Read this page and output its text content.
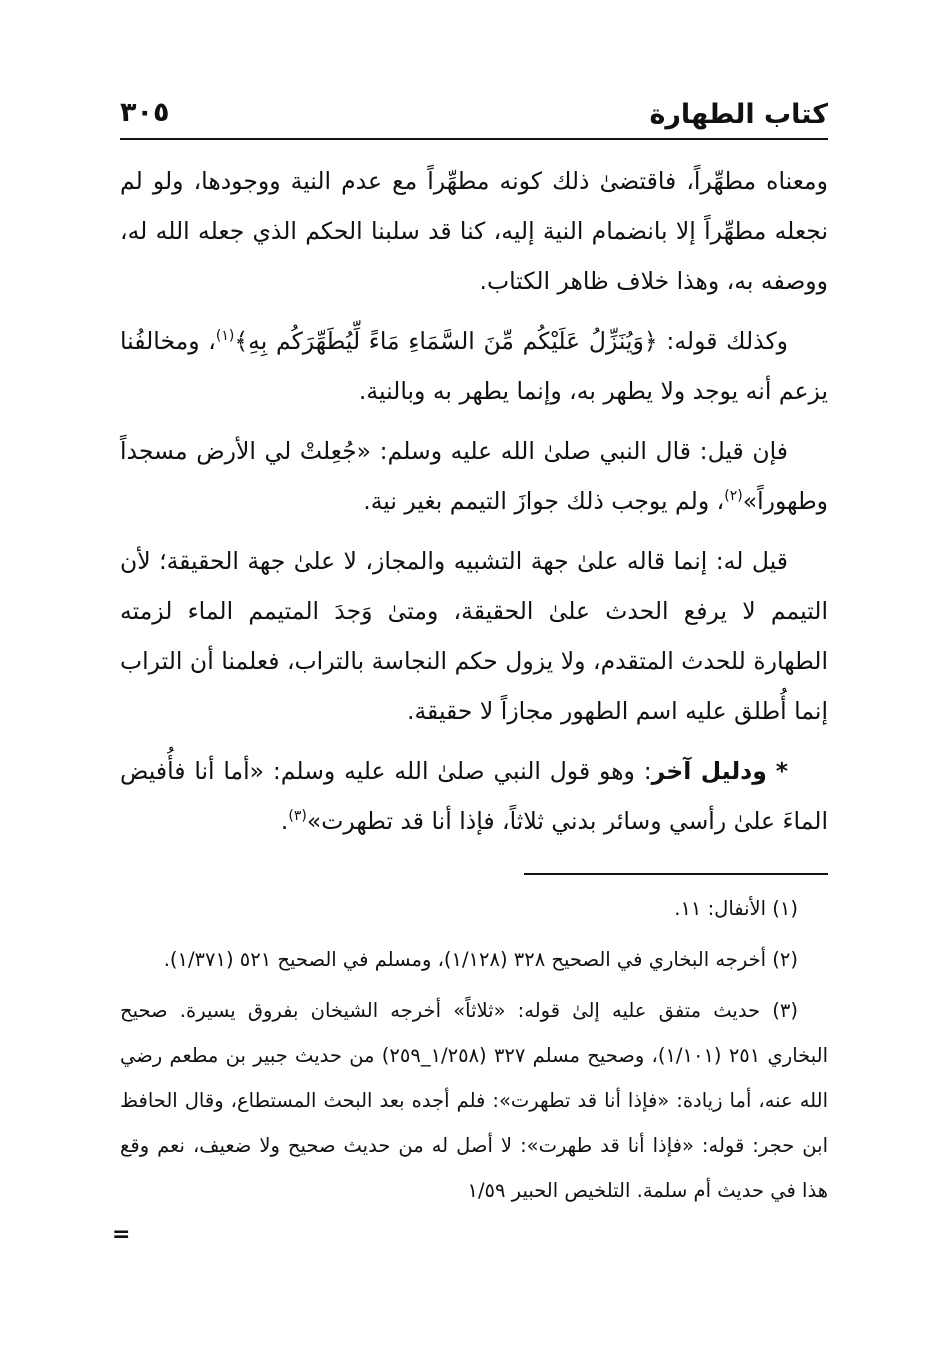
كتاب الطهارة
٣٠٥

ومعناه مطهِّراً، فاقتضىٰ ذلك كونه مطهِّراً مع عدم النية ووجودها، ولو لم نجعله مطهِّراً إلا بانضمام النية إليه، كنا قد سلبنا الحكم الذي جعله الله له، ووصفه به، وهذا خلاف ظاهر الكتاب.

وكذلك قوله: ﴿وَيُنَزِّلُ عَلَيْكُم مِّنَ السَّمَاءِ مَاءً لِّيُطَهِّرَكُم بِهِ﴾$^{(١)}$، ومخالفُنا يزعم أنه يوجد ولا يطهر به، وإنما يطهر به وبالنية.

فإن قيل: قال النبي صلىٰ الله عليه وسلم: «جُعِلتْ لي الأرض مسجداً وطهوراً»$^{(٢)}$، ولم يوجب ذلك جوازَ التيمم بغير نية.

قيل له: إنما قاله علىٰ جهة التشبيه والمجاز، لا علىٰ جهة الحقيقة؛ لأن التيمم لا يرفع الحدث علىٰ الحقيقة، ومتىٰ وَجدَ المتيمم الماء لزمته الطهارة للحدث المتقدم، ولا يزول حكم النجاسة بالتراب، فعلمنا أن التراب إنما أُطلق عليه اسم الطهور مجازاً لا حقيقة.

* ودليل آخر: وهو قول النبي صلىٰ الله عليه وسلم: «أما أنا فأُفيض الماءَ علىٰ رأسي وسائر بدني ثلاثاً، فإذا أنا قد تطهرت»$^{(٣)}$.

(١) الأنفال: ١١.

(٢) أخرجه البخاري في الصحيح ٣٢٨ (١/١٢٨)، ومسلم في الصحيح ٥٢١ (١/٣٧١).

(٣) حديث متفق عليه إلىٰ قوله: «ثلاثاً» أخرجه الشيخان بفروق يسيرة. صحيح البخاري ٢٥١ (١/١٠١)، وصحيح مسلم ٣٢٧ (١/٢٥٨_٢٥٩) من حديث جبير بن مطعم رضي الله عنه، أما زيادة: «فإذا أنا قد تطهرت»: فلم أجده بعد البحث المستطاع، وقال الحافظ ابن حجر: قوله: «فإذا أنا قد طهرت»: لا أصل له من حديث صحيح ولا ضعيف، نعم وقع هذا في حديث أم سلمة. التلخيص الحبير ١/٥٩

=
